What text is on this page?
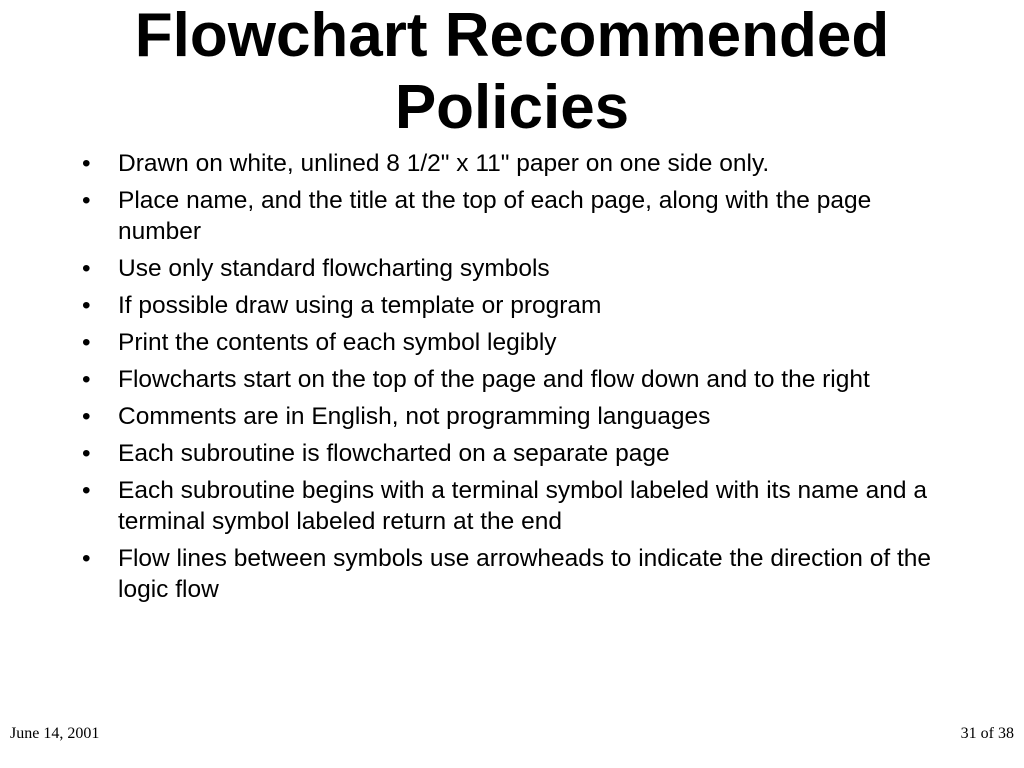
Flowchart Recommended
Policies
• Drawn on white, unlined 8 1/2" x 11" paper on one side only.
• Place name, and the title at the top of each page, along with the page number
• Use only standard flowcharting symbols
• If possible draw using a template or program
• Print the contents of each symbol legibly
• Flowcharts start on the top of the page and flow down and to the right
• Comments are in English, not programming languages
• Each subroutine is flowcharted on a separate page
• Each subroutine begins with a terminal symbol labeled with its name and a terminal symbol labeled return at the end
• Flow lines between symbols use arrowheads to indicate the direction of the logic flow
June 14, 2001	31 of 38
